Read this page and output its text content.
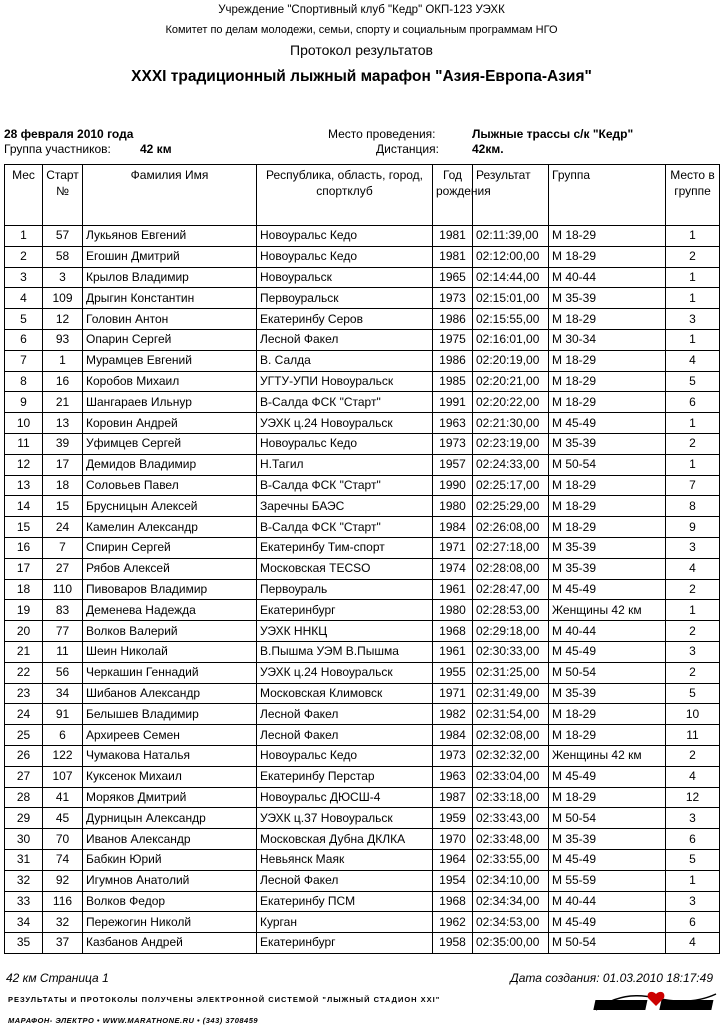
Учреждение "Спортивный клуб "Кедр" ОКП-123 УЭХК
Комитет по делам молодежи, семьи, спорту и социальным программам НГО
Протокол результатов
XXXI традиционный лыжный марафон "Азия-Европа-Азия"
28 февраля 2010 года
Группа участников: 42 км
Место проведения:	Лыжные трассы с/к "Кедр"
Дистанция:	42км.
Мес	Старт №	Фамилия Имя	Республика, область, город, спортклуб	Год рождения	Результат	Группа	Место в группе
1	57	Лукьянов Евгений	Новоуральс Кедо	1981	02:11:39,00	М 18-29	1
2	58	Егошин Дмитрий	Новоуральс Кедо	1981	02:12:00,00	М 18-29	2
3	3	Крылов Владимир	Новоуральск	1965	02:14:44,00	М 40-44	1
4	109	Дрыгин Константин	Первоуральск	1973	02:15:01,00	М 35-39	1
5	12	Головин Антон	Екатеринбу Серов	1986	02:15:55,00	М 18-29	3
6	93	Опарин Сергей	Лесной Факел	1975	02:16:01,00	М 30-34	1
7	1	Мурамцев Евгений	В. Салда	1986	02:20:19,00	М 18-29	4
8	16	Коробов Михаил	УГТУ-УПИ Новоуральск	1985	02:20:21,00	М 18-29	5
9	21	Шангараев Ильнур	В-Салда ФСК "Старт"	1991	02:20:22,00	М 18-29	6
10	13	Коровин Андрей	УЭХК ц.24 Новоуральск	1963	02:21:30,00	М 45-49	1
11	39	Уфимцев Сергей	Новоуральс Кедо	1973	02:23:19,00	М 35-39	2
12	17	Демидов Владимир	Н.Тагил	1957	02:24:33,00	М 50-54	1
13	18	Соловьев Павел	В-Салда ФСК "Старт"	1990	02:25:17,00	М 18-29	7
14	15	Брусницын Алексей	Заречны БАЭС	1980	02:25:29,00	М 18-29	8
15	24	Камелин Александр	В-Салда ФСК "Старт"	1984	02:26:08,00	М 18-29	9
16	7	Спирин Сергей	Екатеринбу Тим-спорт	1971	02:27:18,00	М 35-39	3
17	27	Рябов Алексей	Московская TECSO	1974	02:28:08,00	М 35-39	4
18	110	Пивоваров Владимир	Первоураль	1961	02:28:47,00	М 45-49	2
19	83	Деменева Надежда	Екатеринбург	1980	02:28:53,00	Женщины 42 км	1
20	77	Волков Валерий	УЭХК ННКЦ	1968	02:29:18,00	М 40-44	2
21	11	Шеин Николай	В.Пышма УЭМ В.Пышма	1961	02:30:33,00	М 45-49	3
22	56	Черкашин Геннадий	УЭХК ц.24 Новоуральск	1955	02:31:25,00	М 50-54	2
23	34	Шибанов Александр	Московская Климовск	1971	02:31:49,00	М 35-39	5
24	91	Белышев Владимир	Лесной Факел	1982	02:31:54,00	М 18-29	10
25	6	Архиреев Семен	Лесной Факел	1984	02:32:08,00	М 18-29	11
26	122	Чумакова Наталья	Новоуральс Кедо	1973	02:32:32,00	Женщины 42 км	2
27	107	Куксенок Михаил	Екатеринбу Перстар	1963	02:33:04,00	М 45-49	4
28	41	Моряков Дмитрий	Новоуральс ДЮСШ-4	1987	02:33:18,00	М 18-29	12
29	45	Дурницын Александр	УЭХК ц.37 Новоуральск	1959	02:33:43,00	М 50-54	3
30	70	Иванов Александр	Московская Дубна ДКЛКА	1970	02:33:48,00	М 35-39	6
31	74	Бабкин Юрий	Невьянск Маяк	1964	02:33:55,00	М 45-49	5
32	92	Игумнов Анатолий	Лесной Факел	1954	02:34:10,00	М 55-59	1
33	116	Волков Федор	Екатеринбу ПСМ	1968	02:34:34,00	М 40-44	3
34	32	Пережогин Николй	Курган	1962	02:34:53,00	М 45-49	6
35	37	Казбанов Андрей	Екатеринбург	1958	02:35:00,00	М 50-54	4
42 км Страница 1	Дата создания: 01.03.2010 18:17:49
РЕЗУЛЬТАТЫ И ПРОТОКОЛЫ ПОЛУЧЕНЫ ЭЛЕКТРОННОЙ СИСТЕМОЙ "ЛЫЖНЫЙ СТАДИОН XXI"
МАРАФОН- ЭЛЕКТРО • WWW.MARATHONE.RU • (343) 3708459
